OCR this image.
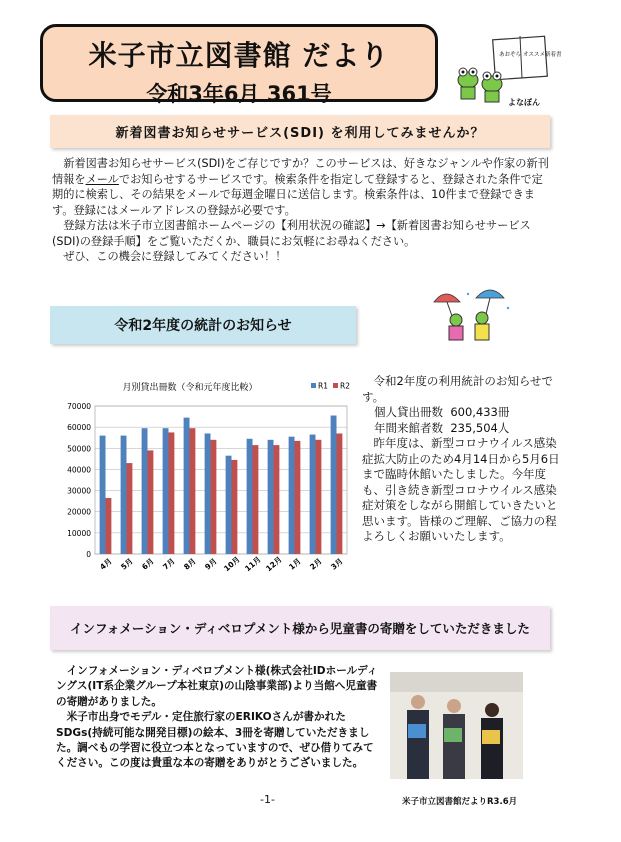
米子市立図書館 だより
令和3年6月 361号
あおぞら オススメ新着書
よなぼん
新着図書お知らせサービス(SDI) を利用してみませんか？

新着図書お知らせサービス(SDI)をご存じですか？このサービスは、好きなジャンルや作家の新刊情報をメールでお知らせするサービスです。検索条件を指定して登録すると、登録された条件で定期的に検索し、その結果をメールで毎週金曜日に送信します。検索条件は、10件まで登録できます。登録にはメールアドレスの登録が必要です。

登録方法は米子市立図書館ホームページの【利用状況の確認】→【新着図書お知らせサービス(SDI)の登録手順】をご覧いただくか、職員にお気軽にお尋ねください。

ぜひ、この機会に登録してみてください！！

令和2年度の統計のお知らせ
月別貸出冊数（令和元年度比較）	R1 R2
0
10000
20000
30000
40000
50000
60000
70000
4月 5月 6月 7月 8月 9月 10月 11月 12月 1月 2月 3月

令和2年度の利用統計のお知らせです。

個人貸出冊数 600,433冊
年間来館者数 235,504人

昨年度は、新型コロナウイルス感染症拡大防止のため4月14日から5月6日まで臨時休館いたしました。今年度も、引き続き新型コロナウイルス感染症対策をしながら開館していきたいと思います。皆様のご理解、ご協力の程よろしくお願いいたします。

インフォメーション・ディベロプメント様から児童書の寄贈をしていただきました

インフォメーション・ディベロプメント様(株式会社IDホールディングス(IT系企業グループ本社東京)の山陰事業部)より当館へ児童書の寄贈がありました。

米子市出身でモデル・定住旅行家のERIKOさんが書かれたSDGs(持続可能な開発目標)の絵本、3冊を寄贈していただきました。調べもの学習に役立つ本となっていますので、ぜひ借りてみてください。この度は貴重な本の寄贈をありがとうございました。

-1-	米子市立図書館だよりR3.6月
